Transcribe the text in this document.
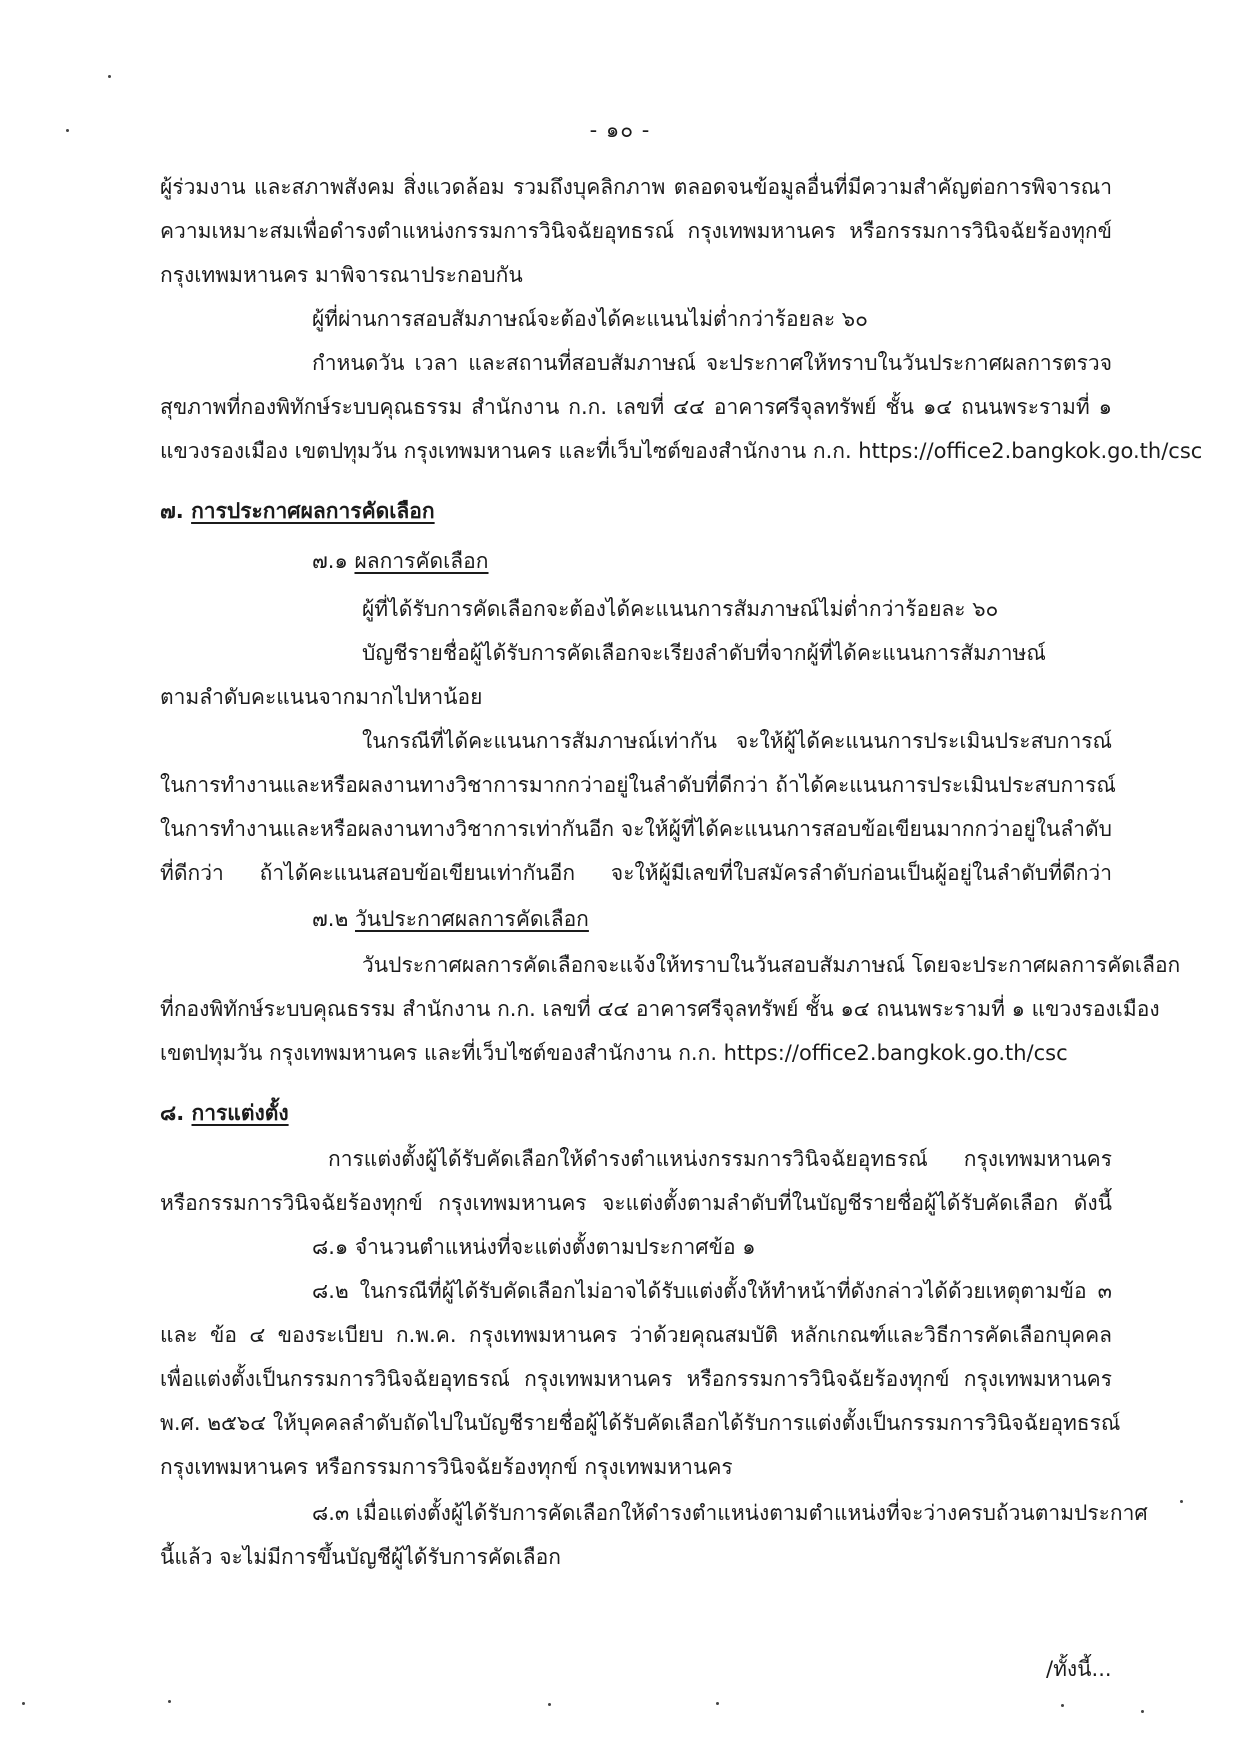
- ๑๐ -
ผู้ร่วมงาน และสภาพสังคม สิ่งแวดล้อม รวมถึงบุคลิกภาพ ตลอดจนข้อมูลอื่นที่มีความสำคัญต่อการพิจารณา
ความเหมาะสมเพื่อดำรงตำแหน่งกรรมการวินิจฉัยอุทธรณ์ กรุงเทพมหานคร หรือกรรมการวินิจฉัยร้องทุกข์
กรุงเทพมหานคร มาพิจารณาประกอบกัน
ผู้ที่ผ่านการสอบสัมภาษณ์จะต้องได้คะแนนไม่ต่ำกว่าร้อยละ ๖๐
กำหนดวัน เวลา และสถานที่สอบสัมภาษณ์ จะประกาศให้ทราบในวันประกาศผลการตรวจ
สุขภาพที่กองพิทักษ์ระบบคุณธรรม สำนักงาน ก.ก. เลขที่ ๔๔ อาคารศรีจุลทรัพย์ ชั้น ๑๔ ถนนพระรามที่ ๑
แขวงรองเมือง เขตปทุมวัน กรุงเทพมหานคร และที่เว็บไซต์ของสำนักงาน ก.ก. https://office2.bangkok.go.th/csc
๗. การประกาศผลการคัดเลือก
๗.๑ ผลการคัดเลือก
ผู้ที่ได้รับการคัดเลือกจะต้องได้คะแนนการสัมภาษณ์ไม่ต่ำกว่าร้อยละ ๖๐
บัญชีรายชื่อผู้ได้รับการคัดเลือกจะเรียงลำดับที่จากผู้ที่ได้คะแนนการสัมภาษณ์
ตามลำดับคะแนนจากมากไปหาน้อย
ในกรณีที่ได้คะแนนการสัมภาษณ์เท่ากัน จะให้ผู้ได้คะแนนการประเมินประสบการณ์
ในการทำงานและหรือผลงานทางวิชาการมากกว่าอยู่ในลำดับที่ดีกว่า ถ้าได้คะแนนการประเมินประสบการณ์
ในการทำงานและหรือผลงานทางวิชาการเท่ากันอีก จะให้ผู้ที่ได้คะแนนการสอบข้อเขียนมากกว่าอยู่ในลำดับ
ที่ดีกว่า ถ้าได้คะแนนสอบข้อเขียนเท่ากันอีก จะให้ผู้มีเลขที่ใบสมัครลำดับก่อนเป็นผู้อยู่ในลำดับที่ดีกว่า
๗.๒ วันประกาศผลการคัดเลือก
วันประกาศผลการคัดเลือกจะแจ้งให้ทราบในวันสอบสัมภาษณ์ โดยจะประกาศผลการคัดเลือก
ที่กองพิทักษ์ระบบคุณธรรม สำนักงาน ก.ก. เลขที่ ๔๔ อาคารศรีจุลทรัพย์ ชั้น ๑๔ ถนนพระรามที่ ๑ แขวงรองเมือง
เขตปทุมวัน กรุงเทพมหานคร และที่เว็บไซต์ของสำนักงาน ก.ก. https://office2.bangkok.go.th/csc
๘. การแต่งตั้ง
การแต่งตั้งผู้ได้รับคัดเลือกให้ดำรงตำแหน่งกรรมการวินิจฉัยอุทธรณ์ กรุงเทพมหานคร
หรือกรรมการวินิจฉัยร้องทุกข์ กรุงเทพมหานคร จะแต่งตั้งตามลำดับที่ในบัญชีรายชื่อผู้ได้รับคัดเลือก ดังนี้
๘.๑ จำนวนตำแหน่งที่จะแต่งตั้งตามประกาศข้อ ๑
๘.๒ ในกรณีที่ผู้ได้รับคัดเลือกไม่อาจได้รับแต่งตั้งให้ทำหน้าที่ดังกล่าวได้ด้วยเหตุตามข้อ ๓
และ ข้อ ๔ ของระเบียบ ก.พ.ค. กรุงเทพมหานคร ว่าด้วยคุณสมบัติ หลักเกณฑ์และวิธีการคัดเลือกบุคคล
เพื่อแต่งตั้งเป็นกรรมการวินิจฉัยอุทธรณ์ กรุงเทพมหานคร หรือกรรมการวินิจฉัยร้องทุกข์ กรุงเทพมหานคร
พ.ศ. ๒๕๖๔ ให้บุคคลลำดับถัดไปในบัญชีรายชื่อผู้ได้รับคัดเลือกได้รับการแต่งตั้งเป็นกรรมการวินิจฉัยอุทธรณ์
กรุงเทพมหานคร หรือกรรมการวินิจฉัยร้องทุกข์ กรุงเทพมหานคร
๘.๓ เมื่อแต่งตั้งผู้ได้รับการคัดเลือกให้ดำรงตำแหน่งตามตำแหน่งที่จะว่างครบถ้วนตามประกาศ
นี้แล้ว จะไม่มีการขึ้นบัญชีผู้ได้รับการคัดเลือก
/ทั้งนี้...
